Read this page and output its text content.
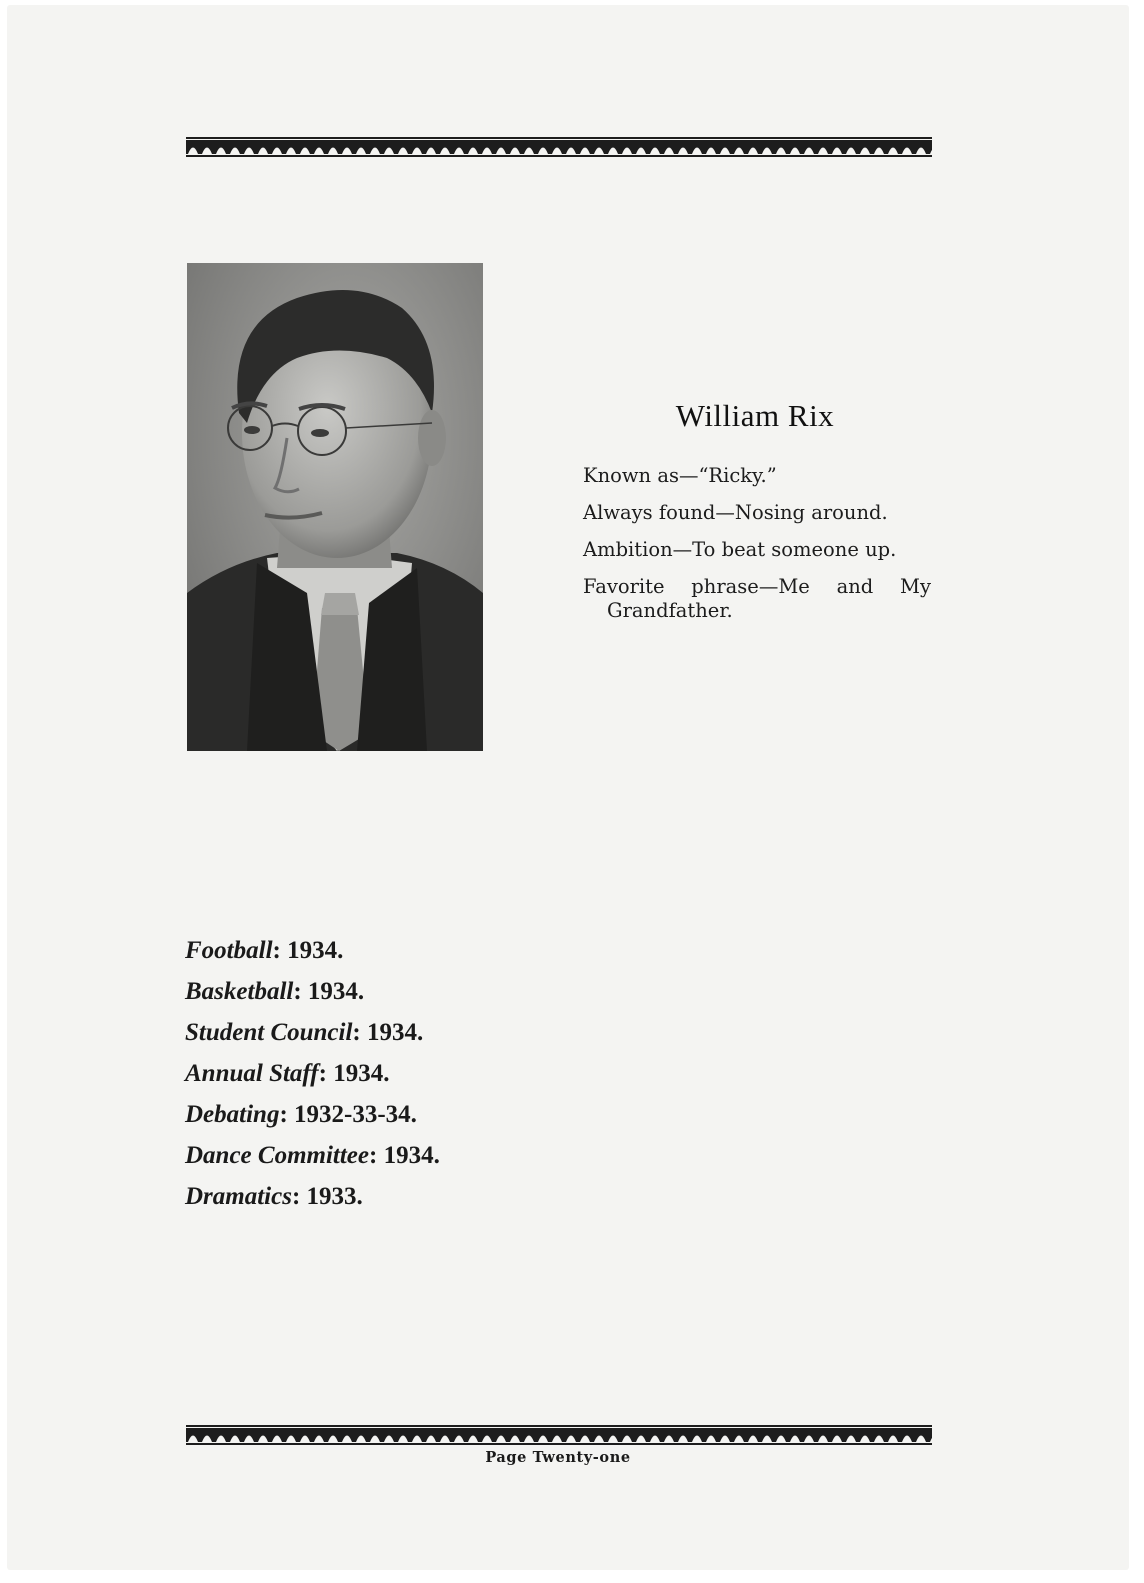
William Rix
Known as—“Ricky.”
Always found—Nosing around.
Ambition—To beat someone up.
Favorite phrase—Me and My Grandfather.
Football: 1934.
Basketball: 1934.
Student Council: 1934.
Annual Staff: 1934.
Debating: 1932-33-34.
Dance Committee: 1934.
Dramatics: 1933.

Page Twenty-one
